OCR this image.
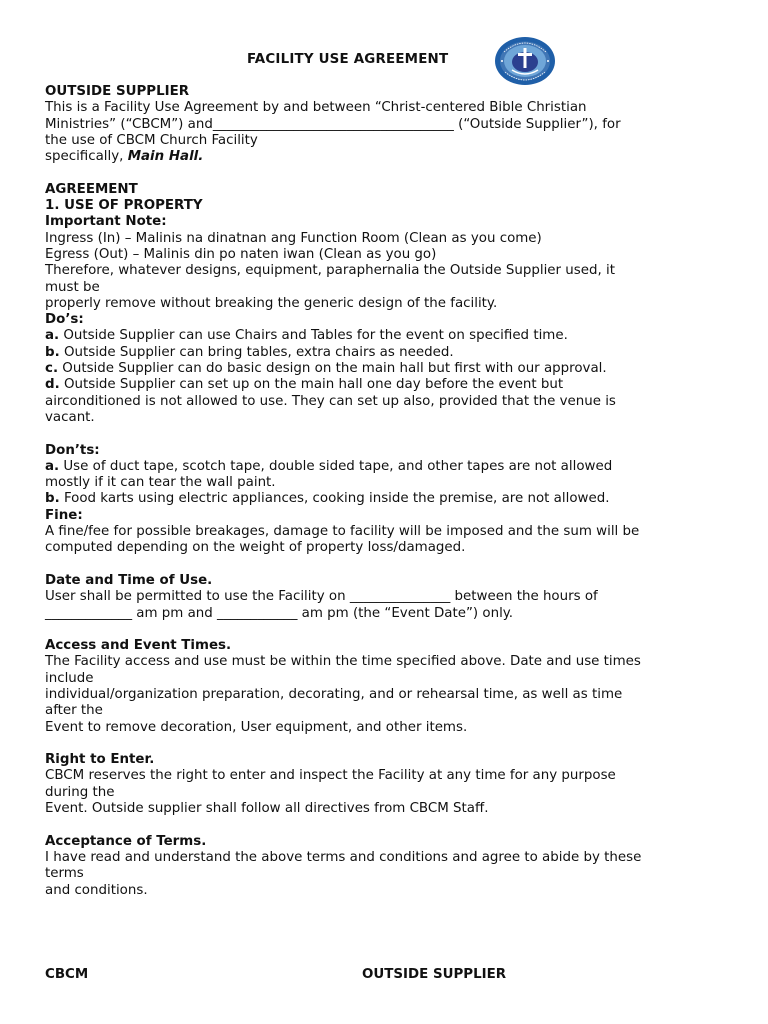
FACILITY USE AGREEMENT

OUTSIDE SUPPLIER

This is a Facility Use Agreement by and between “Christ-centered Bible Christian

Ministries” (“CBCM”) and____________________________________ (“Outside Supplier”), for

the use of CBCM Church Facility

specifically, Main Hall.

AGREEMENT

1. USE OF PROPERTY

Important Note:

Ingress (In) – Malinis na dinatnan ang Function Room (Clean as you come)

Egress (Out) – Malinis din po naten iwan (Clean as you go)

Therefore, whatever designs, equipment, paraphernalia the Outside Supplier used, it

must be

properly remove without breaking the generic design of the facility.

Do’s:

a. Outside Supplier can use Chairs and Tables for the event on specified time.

b. Outside Supplier can bring tables, extra chairs as needed.

c. Outside Supplier can do basic design on the main hall but first with our approval.

d. Outside Supplier can set up on the main hall one day before the event but

airconditioned is not allowed to use. They can set up also, provided that the venue is

vacant.

Don’ts:

a. Use of duct tape, scotch tape, double sided tape, and other tapes are not allowed

mostly if it can tear the wall paint.

b. Food karts using electric appliances, cooking inside the premise, are not allowed.

Fine:

A fine/fee for possible breakages, damage to facility will be imposed and the sum will be

computed depending on the weight of property loss/damaged.

Date and Time of Use.

User shall be permitted to use the Facility on _______________ between the hours of

_____________ am pm and ____________ am pm (the “Event Date”) only.

Access and Event Times.

The Facility access and use must be within the time specified above. Date and use times

include

individual/organization preparation, decorating, and or rehearsal time, as well as time

after the

Event to remove decoration, User equipment, and other items.

Right to Enter.

CBCM reserves the right to enter and inspect the Facility at any time for any purpose

during the

Event. Outside supplier shall follow all directives from CBCM Staff.

Acceptance of Terms.

I have read and understand the above terms and conditions and agree to abide by these

terms

and conditions.

CBCM	OUTSIDE SUPPLIER
